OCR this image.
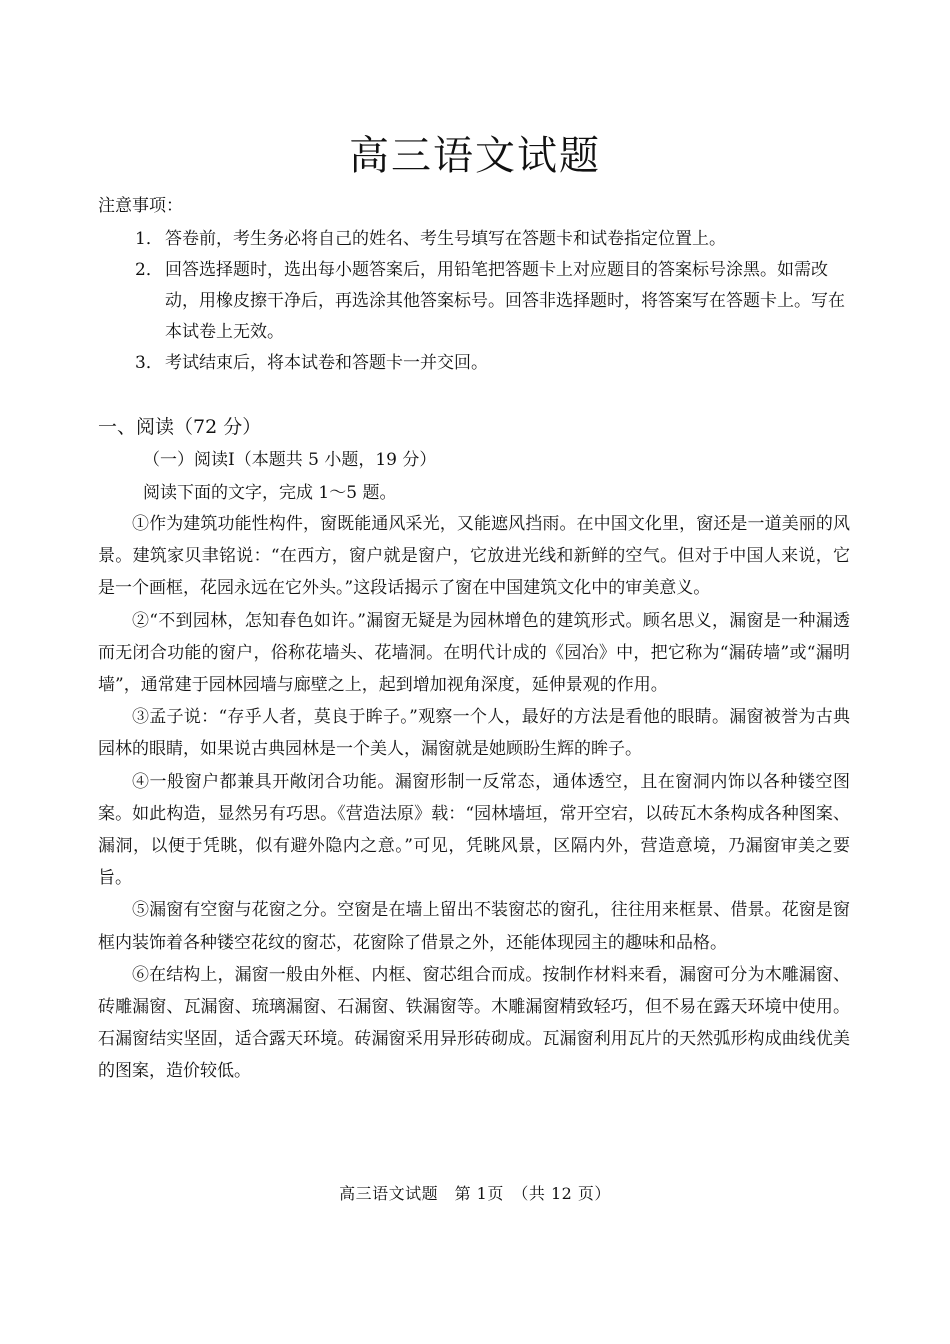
高三语文试题
注意事项：
1． 答卷前，考生务必将自己的姓名、考生号填写在答题卡和试卷指定位置上。
2． 回答选择题时，选出每小题答案后，用铅笔把答题卡上对应题目的答案标号涂黑。如需改动，用橡皮擦干净后，再选涂其他答案标号。回答非选择题时，将答案写在答题卡上。写在本试卷上无效。
3． 考试结束后，将本试卷和答题卡一并交回。
一、阅读（72 分）
（一）阅读Ⅰ（本题共 5 小题，19 分）
阅读下面的文字，完成 1～5 题。

①作为建筑功能性构件，窗既能通风采光，又能遮风挡雨。在中国文化里，窗还是一道美丽的风景。建筑家贝聿铭说：“在西方，窗户就是窗户，它放进光线和新鲜的空气。但对于中国人来说，它是一个画框，花园永远在它外头。”这段话揭示了窗在中国建筑文化中的审美意义。

②“不到园林，怎知春色如许。”漏窗无疑是为园林增色的建筑形式。顾名思义，漏窗是一种漏透而无闭合功能的窗户，俗称花墙头、花墙洞。在明代计成的《园冶》中，把它称为“漏砖墙”或“漏明墙”，通常建于园林园墙与廊壁之上，起到增加视角深度，延伸景观的作用。

③孟子说：“存乎人者，莫良于眸子。”观察一个人，最好的方法是看他的眼睛。漏窗被誉为古典园林的眼睛，如果说古典园林是一个美人，漏窗就是她顾盼生辉的眸子。

④一般窗户都兼具开敞闭合功能。漏窗形制一反常态，通体透空，且在窗洞内饰以各种镂空图案。如此构造，显然另有巧思。《营造法原》载：“园林墙垣，常开空宕，以砖瓦木条构成各种图案、漏洞，以便于凭眺，似有避外隐内之意。”可见，凭眺风景，区隔内外，营造意境，乃漏窗审美之要旨。

⑤漏窗有空窗与花窗之分。空窗是在墙上留出不装窗芯的窗孔，往往用来框景、借景。花窗是窗框内装饰着各种镂空花纹的窗芯，花窗除了借景之外，还能体现园主的趣味和品格。

⑥在结构上，漏窗一般由外框、内框、窗芯组合而成。按制作材料来看，漏窗可分为木雕漏窗、砖雕漏窗、瓦漏窗、琉璃漏窗、石漏窗、铁漏窗等。木雕漏窗精致轻巧，但不易在露天环境中使用。石漏窗结实坚固，适合露天环境。砖漏窗采用异形砖砌成。瓦漏窗利用瓦片的天然弧形构成曲线优美的图案，造价较低。

高三语文试题　第 1页　（共 12 页）
